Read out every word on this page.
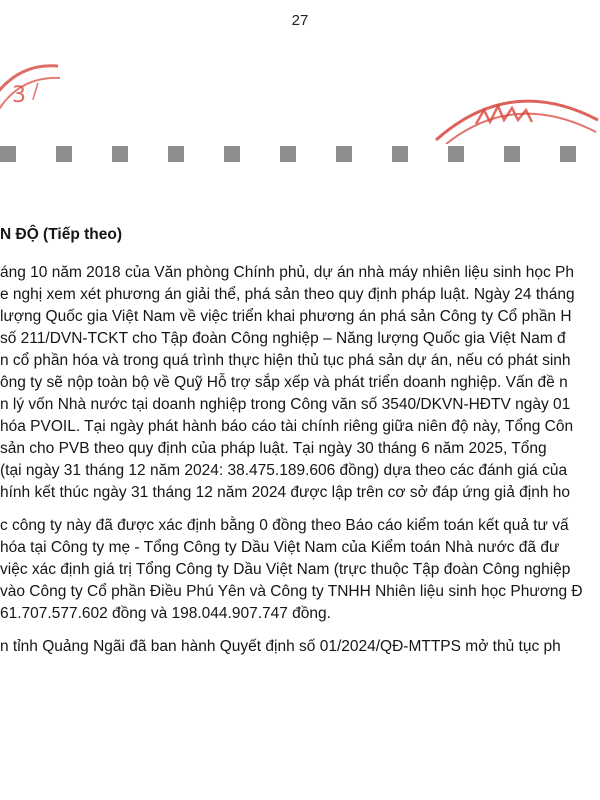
27
3 /
N ĐỘ (Tiếp theo)
áng 10 năm 2018 của Văn phòng Chính phủ, dự án nhà máy nhiên liệu sinh học Ph
e nghị xem xét phương án giải thể, phá sản theo quy định pháp luật. Ngày 24 tháng
lượng Quốc gia Việt Nam về việc triển khai phương án phá sản Công ty Cổ phần H
số 211/DVN-TCKT cho Tập đoàn Công nghiệp – Năng lượng Quốc gia Việt Nam đ
n cổ phần hóa và trong quá trình thực hiện thủ tục phá sản dự án, nếu có phát sinh
ông ty sẽ nộp toàn bộ về Quỹ Hỗ trợ sắp xếp và phát triển doanh nghiệp. Vấn đề n
n lý vốn Nhà nước tại doanh nghiệp trong Công văn số 3540/DKVN-HĐTV ngày 01
hóa PVOIL. Tại ngày phát hành báo cáo tài chính riêng giữa niên độ này, Tổng Côn
sản cho PVB theo quy định của pháp luật. Tại ngày 30 tháng 6 năm 2025, Tổng
(tại ngày 31 tháng 12 năm 2024: 38.475.189.606 đồng) dựa theo các đánh giá của
hính kết thúc ngày 31 tháng 12 năm 2024 được lập trên cơ sở đáp ứng giả định ho
c công ty này đã được xác định bằng 0 đồng theo Báo cáo kiểm toán kết quả tư vấ
hóa tại Công ty mẹ - Tổng Công ty Dầu Việt Nam của Kiểm toán Nhà nước đã đư
việc xác định giá trị Tổng Công ty Dầu Việt Nam (trực thuộc Tập đoàn Công nghiệp
vào Công ty Cổ phần Điều Phú Yên và Công ty TNHH Nhiên liệu sinh học Phương Đ
61.707.577.602 đồng và 198.044.907.747 đồng.
n tỉnh Quảng Ngãi đã ban hành Quyết định số 01/2024/QĐ-MTTPS mở thủ tục ph
